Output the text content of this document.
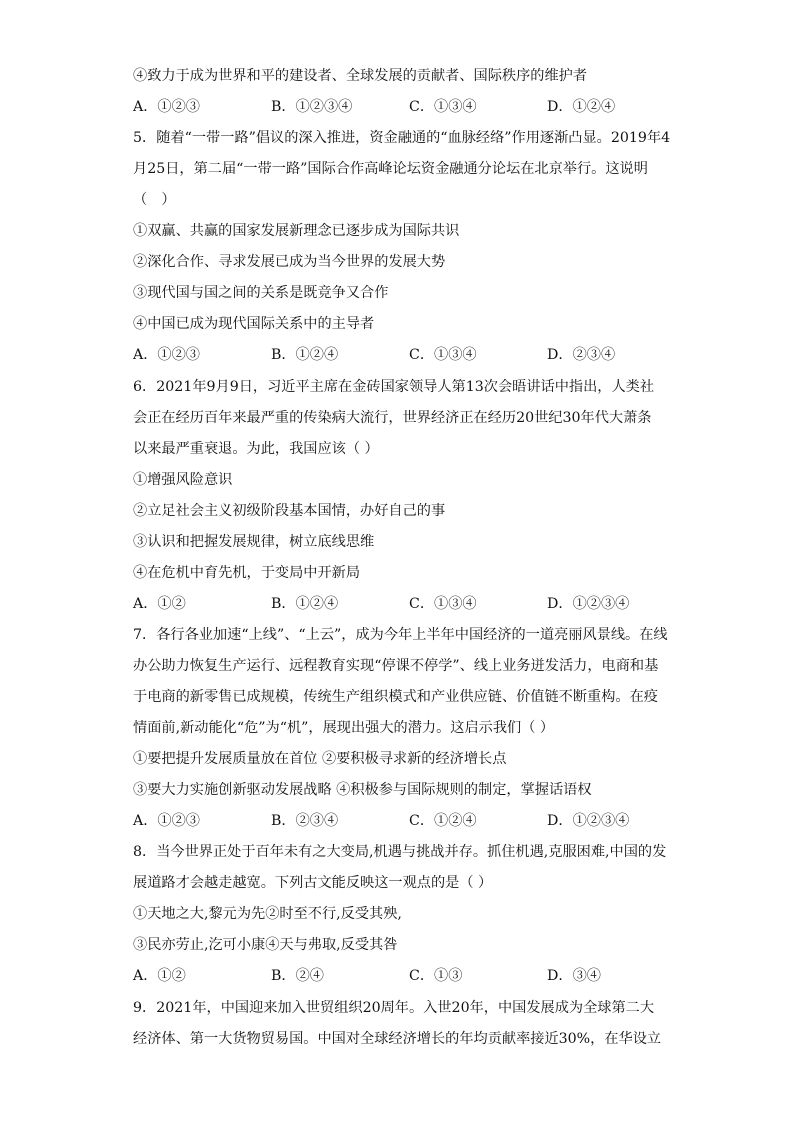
④致力于成为世界和平的建设者、全球发展的贡献者、国际秩序的维护者
A．①②③	B．①②③④	C．①③④	D．①②④
5．随着“一带一路”倡议的深入推进，资金融通的“血脉经络”作用逐渐凸显。2019年4
月25日，第二届“一带一路”国际合作高峰论坛资金融通分论坛在北京举行。这说明
（　）
①双赢、共赢的国家发展新理念已逐步成为国际共识
②深化合作、寻求发展已成为当今世界的发展大势
③现代国与国之间的关系是既竞争又合作
④中国已成为现代国际关系中的主导者
A．①②③	B．①②④	C．①③④	D．②③④
6．2021年9月9日，习近平主席在金砖国家领导人第13次会晤讲话中指出，人类社
会正在经历百年来最严重的传染病大流行，世界经济正在经历20世纪30年代大萧条
以来最严重衰退。为此，我国应该（ ）
①增强风险意识
②立足社会主义初级阶段基本国情，办好自己的事
③认识和把握发展规律，树立底线思维
④在危机中育先机，于变局中开新局
A．①②	B．①②④	C．①③④	D．①②③④
7．各行各业加速“上线”、“上云”，成为今年上半年中国经济的一道亮丽风景线。在线
办公助力恢复生产运行、远程教育实现“停课不停学”、线上业务迸发活力，电商和基
于电商的新零售已成规模，传统生产组织模式和产业供应链、价值链不断重构。在疫
情面前,新动能化“危”为“机”，展现出强大的潜力。这启示我们（ ）
①要把提升发展质量放在首位 ②要积极寻求新的经济增长点
③要大力实施创新驱动发展战略 ④积极参与国际规则的制定，掌握话语权
A．①②③	B．②③④	C．①②④	D．①②③④
8．当今世界正处于百年未有之大变局,机遇与挑战并存。抓住机遇,克服困难,中国的发
展道路才会越走越宽。下列古文能反映这一观点的是（ ）
①天地之大,黎元为先②时至不行,反受其殃,
③民亦劳止,汔可小康④天与弗取,反受其咎
A．①②	B．②④	C．①③	D．③④
9．2021年，中国迎来加入世贸组织20周年。入世20年，中国发展成为全球第二大
经济体、第一大货物贸易国。中国对全球经济增长的年均贡献率接近30%，在华设立
